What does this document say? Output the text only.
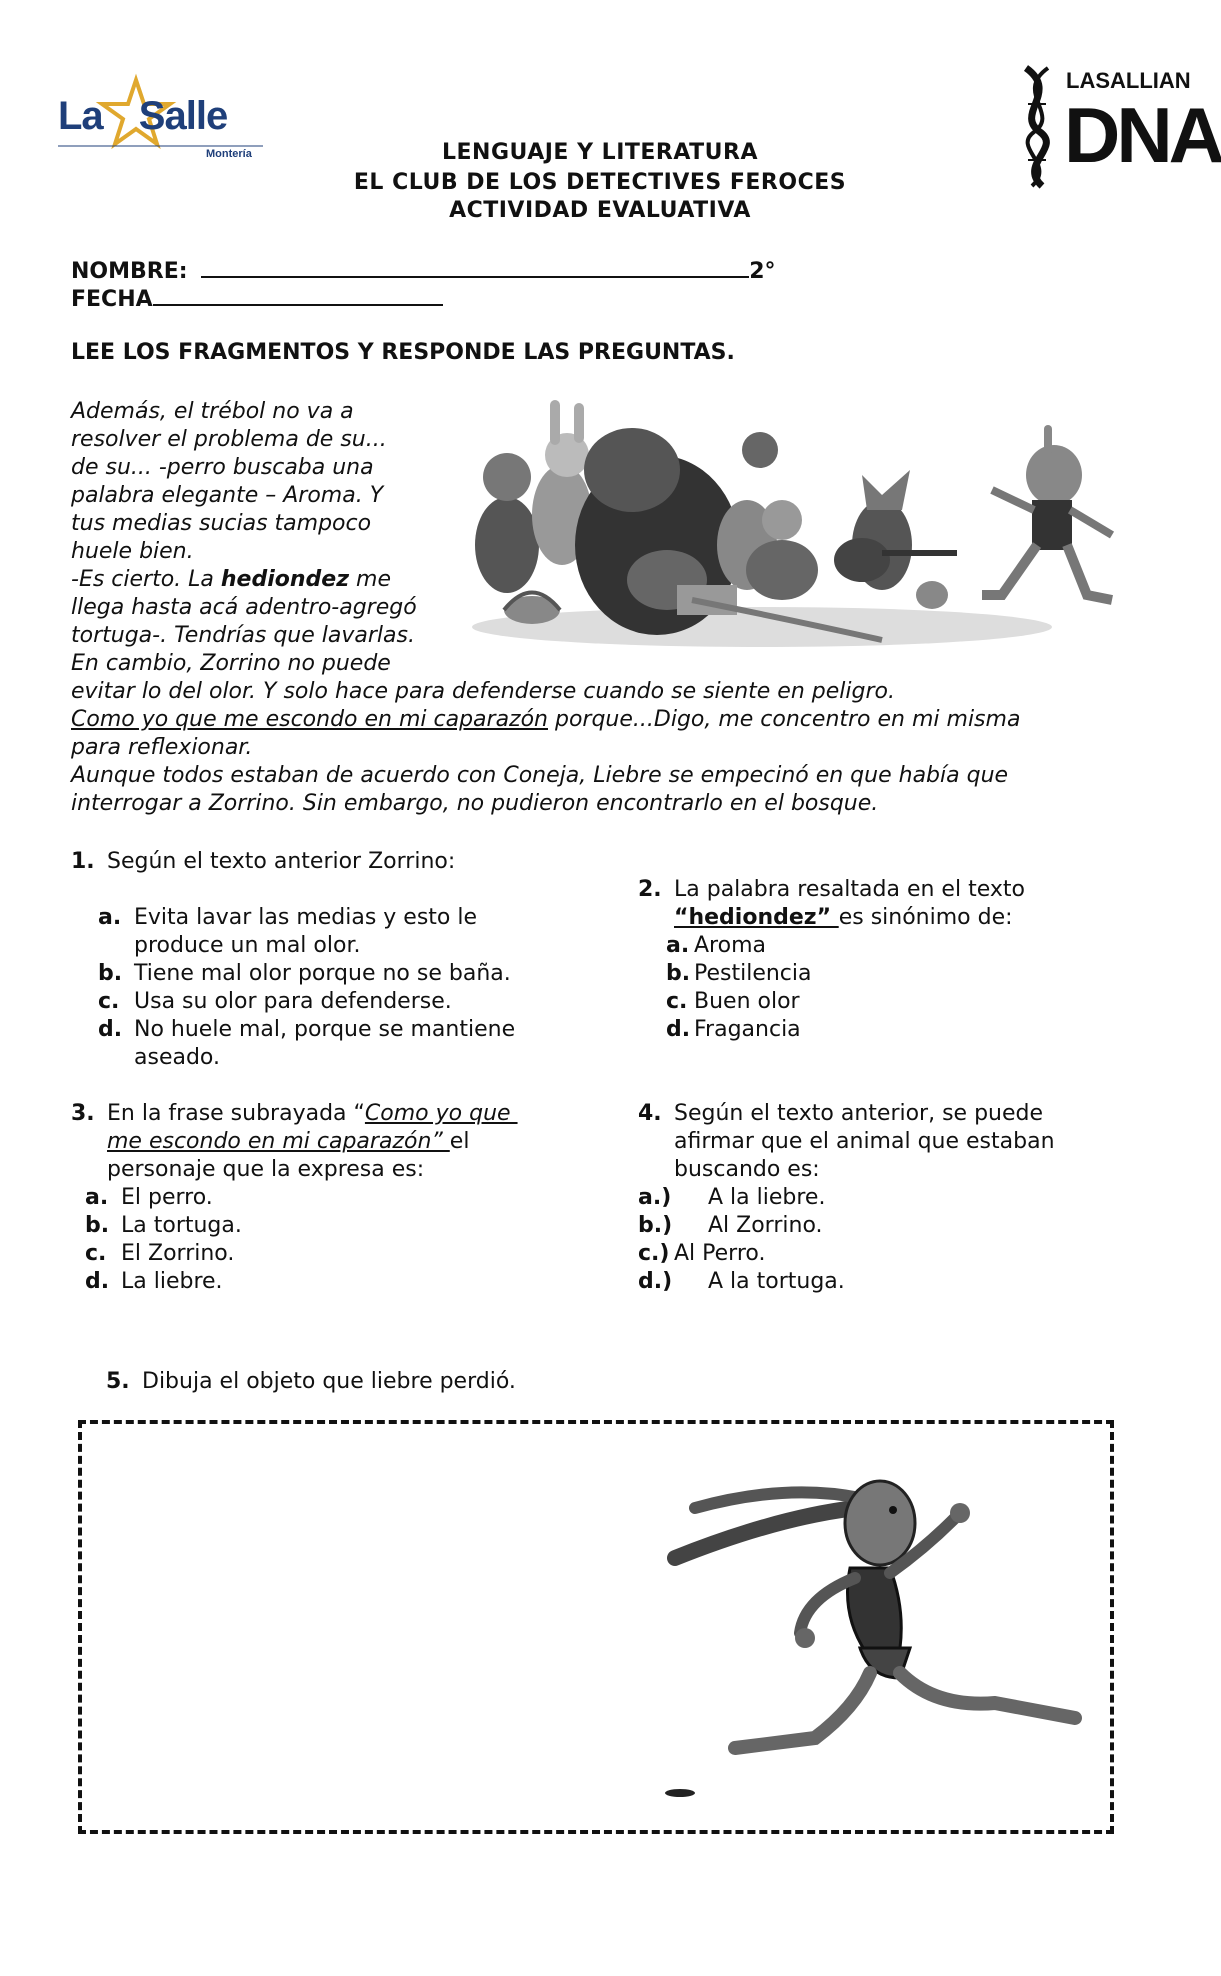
La Salle
Montería
LASALLIAN
DNA
LENGUAJE Y LITERATURA
EL CLUB DE LOS DETECTIVES FEROCES
ACTIVIDAD EVALUATIVA
NOMBRE:	2°
FECHA
LEE LOS FRAGMENTOS Y RESPONDE LAS PREGUNTAS.
Además, el trébol no va a
resolver el problema de su...
de su... -perro buscaba una
palabra elegante – Aroma. Y
tus medias sucias tampoco
huele bien.
-Es cierto. La hediondez me
llega hasta acá adentro-agregó
tortuga-. Tendrías que lavarlas.
En cambio, Zorrino no puede
evitar lo del olor. Y solo hace para defenderse cuando se siente en peligro.
Como yo que me escondo en mi caparazón porque...Digo, me concentro en mi misma
para reflexionar.
Aunque todos estaban de acuerdo con Coneja, Liebre se empecinó en que había que
interrogar a Zorrino. Sin embargo, no pudieron encontrarlo en el bosque.
1. Según el texto anterior Zorrino:
a. Evita lavar las medias y esto le
produce un mal olor.
b. Tiene mal olor porque no se baña.
c. Usa su olor para defenderse.
d. No huele mal, porque se mantiene
aseado.
2. La palabra resaltada en el texto
“hediondez” es sinónimo de:
a. Aroma
b. Pestilencia
c. Buen olor
d. Fragancia
3. En la frase subrayada “Como yo que
me escondo en mi caparazón” el
personaje que la expresa es:
a. El perro.
b. La tortuga.
c. El Zorrino.
d. La liebre.
4. Según el texto anterior, se puede
afirmar que el animal que estaban
buscando es:
a.) A la liebre.
b.) Al Zorrino.
c.) Al Perro.
d.) A la tortuga.
5. Dibuja el objeto que liebre perdió.
